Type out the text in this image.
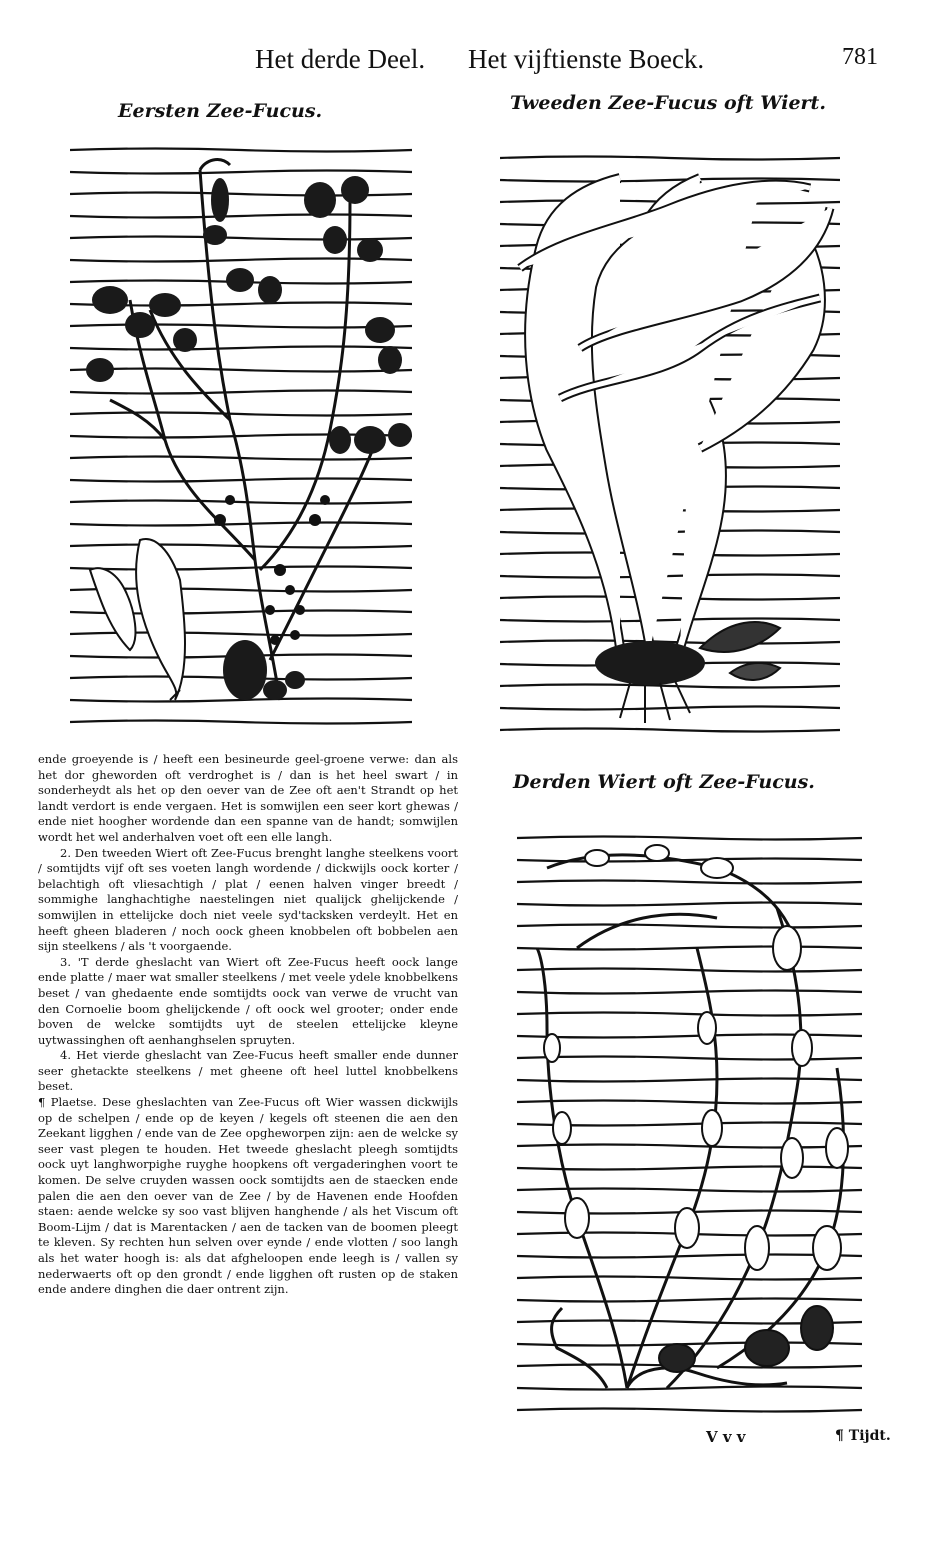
Het derde Deel. Het vijftienste Boeck.	781
Eersten Zee-Fucus.	Tweeden Zee-Fucus oft Wiert.
Derden Wiert oft Zee-Fucus.

ende groeyende is / heeft een besineurde geel-groene verwe: dan als het dor gheworden oft verdroghet is / dan is het heel swart / in sonderheydt als het op den oever van de Zee oft aen't Strandt op het landt verdort is ende vergaen. Het is somwijlen een seer kort ghewas / ende niet hoogher wordende dan een spanne van de handt; somwijlen wordt het wel anderhalven voet oft een elle langh.

2. Den tweeden Wiert oft Zee-Fucus brenght langhe steelkens voort / somtijdts vijf oft ses voeten langh wordende / dickwijls oock korter / belachtigh oft vliesachtigh / plat / eenen halven vinger breedt / sommighe langhachtighe naestelingen niet qualijck ghelijckende / somwijlen in ettelijcke doch niet veele syd'tacksken verdeylt. Het en heeft gheen bladeren / noch oock gheen knobbelen oft bobbelen aen sijn steelkens / als 't voorgaende.

3. 'T derde gheslacht van Wiert oft Zee-Fucus heeft oock lange ende platte / maer wat smaller steelkens / met veele ydele knobbelkens beset / van ghedaente ende somtijdts oock van verwe de vrucht van den Cornoelie boom ghelijckende / oft oock wel grooter; onder ende boven de welcke somtijdts uyt de steelen ettelijcke kleyne uytwassinghen oft aenhanghselen spruyten.

4. Het vierde gheslacht van Zee-Fucus heeft smaller ende dunner seer ghetackte steelkens / met gheene oft heel luttel knobbelkens beset.

¶ Plaetse. Dese gheslachten van Zee-Fucus oft Wier wassen dickwijls op de schelpen / ende op de keyen / kegels oft steenen die aen den Zeekant ligghen / ende van de Zee opgheworpen zijn: aen de welcke sy seer vast plegen te houden. Het tweede gheslacht pleegh somtijdts oock uyt langhworpighe ruyghe hoopkens oft vergaderinghen voort te komen. De selve cruyden wassen oock somtijdts aen de staecken ende palen die aen den oever van de Zee / by de Havenen ende Hoofden staen: aende welcke sy soo vast blijven hanghende / als het Viscum oft Boom-Lijm / dat is Marentacken / aen de tacken van de boomen pleegt te kleven. Sy rechten hun selven over eynde / ende vlotten / soo langh als het water hoogh is: als dat afgheloopen ende leegh is / vallen sy nederwaerts oft op den grondt / ende ligghen oft rusten op de staken ende andere dinghen die daer ontrent zijn.

V v v	¶ Tijdt.
